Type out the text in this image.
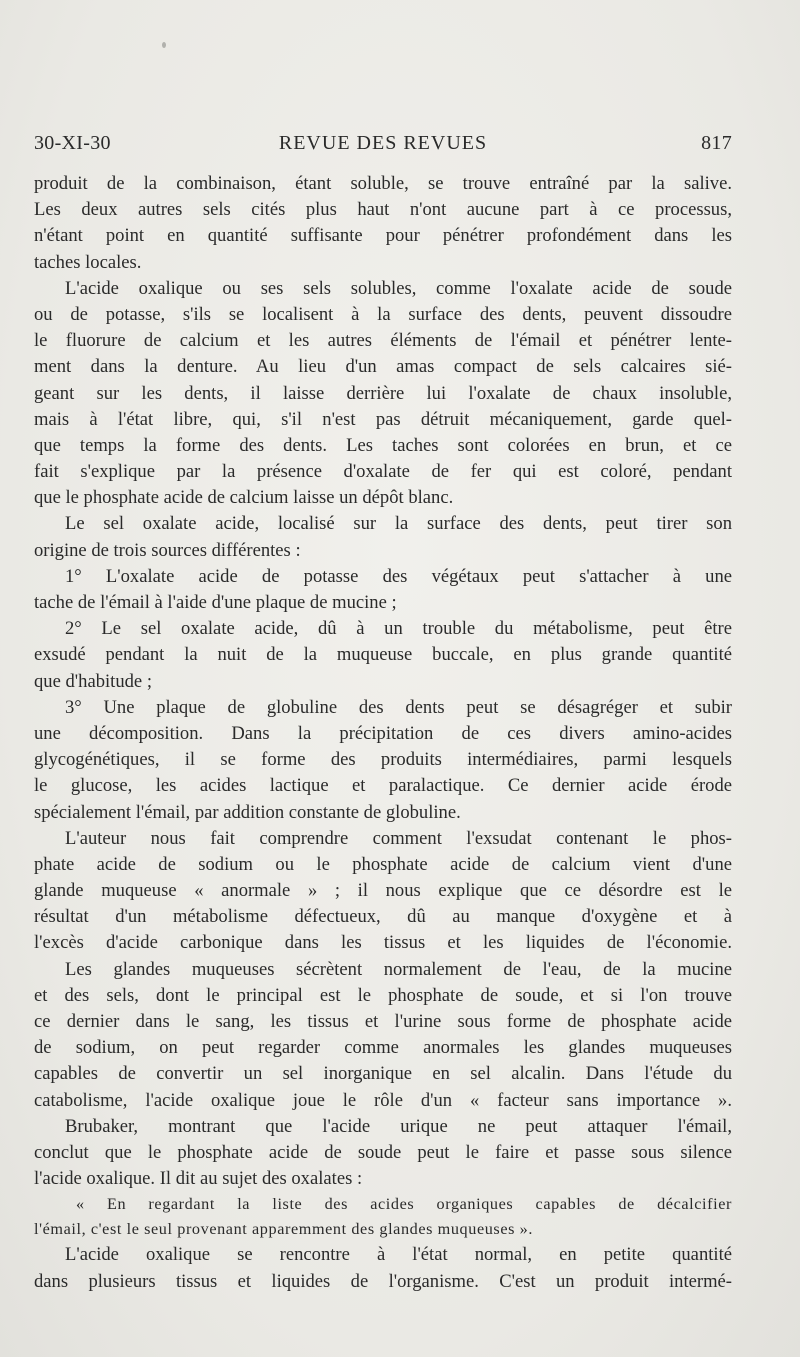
30-XI-30	REVUE DES REVUES	817
produit de la combinaison, étant soluble, se trouve entraîné par la salive.
Les deux autres sels cités plus haut n'ont aucune part à ce processus,
n'étant point en quantité suffisante pour pénétrer profondément dans les
taches locales.
L'acide oxalique ou ses sels solubles, comme l'oxalate acide de soude
ou de potasse, s'ils se localisent à la surface des dents, peuvent dissoudre
le fluorure de calcium et les autres éléments de l'émail et pénétrer lente-
ment dans la denture. Au lieu d'un amas compact de sels calcaires sié-
geant sur les dents, il laisse derrière lui l'oxalate de chaux insoluble,
mais à l'état libre, qui, s'il n'est pas détruit mécaniquement, garde quel-
que temps la forme des dents. Les taches sont colorées en brun, et ce
fait s'explique par la présence d'oxalate de fer qui est coloré, pendant
que le phosphate acide de calcium laisse un dépôt blanc.
Le sel oxalate acide, localisé sur la surface des dents, peut tirer son
origine de trois sources différentes :
1° L'oxalate acide de potasse des végétaux peut s'attacher à une
tache de l'émail à l'aide d'une plaque de mucine ;
2° Le sel oxalate acide, dû à un trouble du métabolisme, peut être
exsudé pendant la nuit de la muqueuse buccale, en plus grande quantité
que d'habitude ;
3° Une plaque de globuline des dents peut se désagréger et subir
une décomposition. Dans la précipitation de ces divers amino-acides
glycogénétiques, il se forme des produits intermédiaires, parmi lesquels
le glucose, les acides lactique et paralactique. Ce dernier acide érode
spécialement l'émail, par addition constante de globuline.
L'auteur nous fait comprendre comment l'exsudat contenant le phos-
phate acide de sodium ou le phosphate acide de calcium vient d'une
glande muqueuse « anormale » ; il nous explique que ce désordre est le
résultat d'un métabolisme défectueux, dû au manque d'oxygène et à
l'excès d'acide carbonique dans les tissus et les liquides de l'économie.
Les glandes muqueuses sécrètent normalement de l'eau, de la mucine
et des sels, dont le principal est le phosphate de soude, et si l'on trouve
ce dernier dans le sang, les tissus et l'urine sous forme de phosphate acide
de sodium, on peut regarder comme anormales les glandes muqueuses
capables de convertir un sel inorganique en sel alcalin. Dans l'étude du
catabolisme, l'acide oxalique joue le rôle d'un « facteur sans importance ».
Brubaker, montrant que l'acide urique ne peut attaquer l'émail,
conclut que le phosphate acide de soude peut le faire et passe sous silence
l'acide oxalique. Il dit au sujet des oxalates :
« En regardant la liste des acides organiques capables de décalcifier
l'émail, c'est le seul provenant apparemment des glandes muqueuses ».
L'acide oxalique se rencontre à l'état normal, en petite quantité
dans plusieurs tissus et liquides de l'organisme. C'est un produit intermé-
